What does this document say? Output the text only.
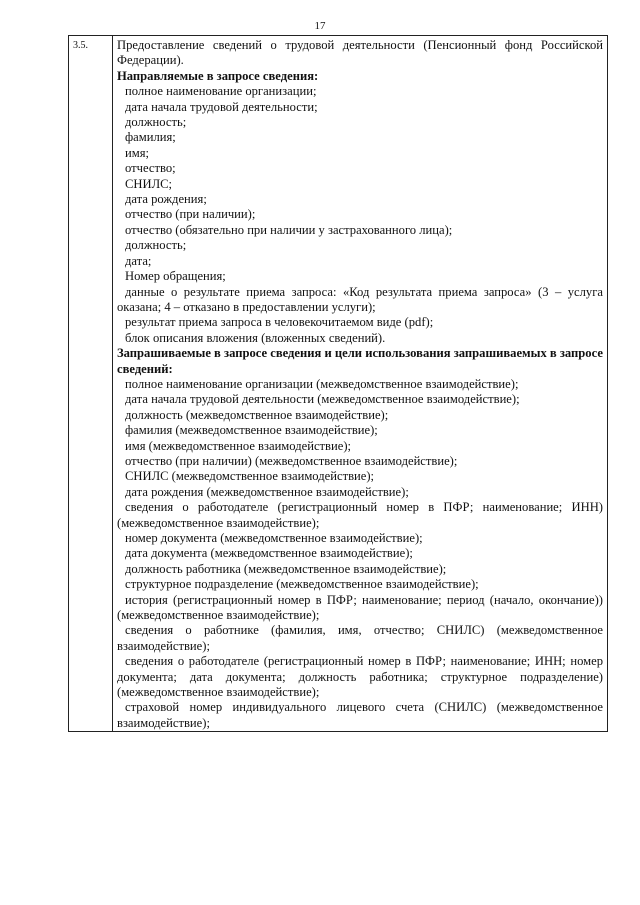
17
3.5.	Предоставление сведений о трудовой деятельности (Пенсионный фонд Российской Федерации).

Направляемые в запросе сведения:

полное наименование организации;

дата начала трудовой деятельности;

должность;

фамилия;

имя;

отчество;

СНИЛС;

дата рождения;

отчество (при наличии);

отчество (обязательно при наличии у застрахованного лица);

должность;

дата;

Номер обращения;

данные о результате приема запроса: «Код результата приема запроса» (3 – услуга оказана; 4 – отказано в предоставлении услуги);

результат приема запроса в человекочитаемом виде (pdf);

блок описания вложения (вложенных сведений).

Запрашиваемые в запросе сведения и цели использования запрашиваемых в запросе сведений:

полное наименование организации (межведомственное взаимодействие);

дата начала трудовой деятельности (межведомственное взаимодействие);

должность (межведомственное взаимодействие);

фамилия (межведомственное взаимодействие);

имя (межведомственное взаимодействие);

отчество (при наличии) (межведомственное взаимодействие);

СНИЛС (межведомственное взаимодействие);

дата рождения (межведомственное взаимодействие);

сведения о работодателе (регистрационный номер в ПФР; наименование; ИНН) (межведомственное взаимодействие);

номер документа (межведомственное взаимодействие);

дата документа (межведомственное взаимодействие);

должность работника (межведомственное взаимодействие);

структурное подразделение (межведомственное взаимодействие);

история (регистрационный номер в ПФР; наименование; период (начало, окончание)) (межведомственное взаимодействие);

сведения о работнике (фамилия, имя, отчество; СНИЛС) (межведомственное взаимодействие);

сведения о работодателе (регистрационный номер в ПФР; наименование; ИНН; номер документа; дата документа; должность работника; структурное подразделение) (межведомственное взаимодействие);

страховой номер индивидуального лицевого счета (СНИЛС) (межведомственное взаимодействие);
